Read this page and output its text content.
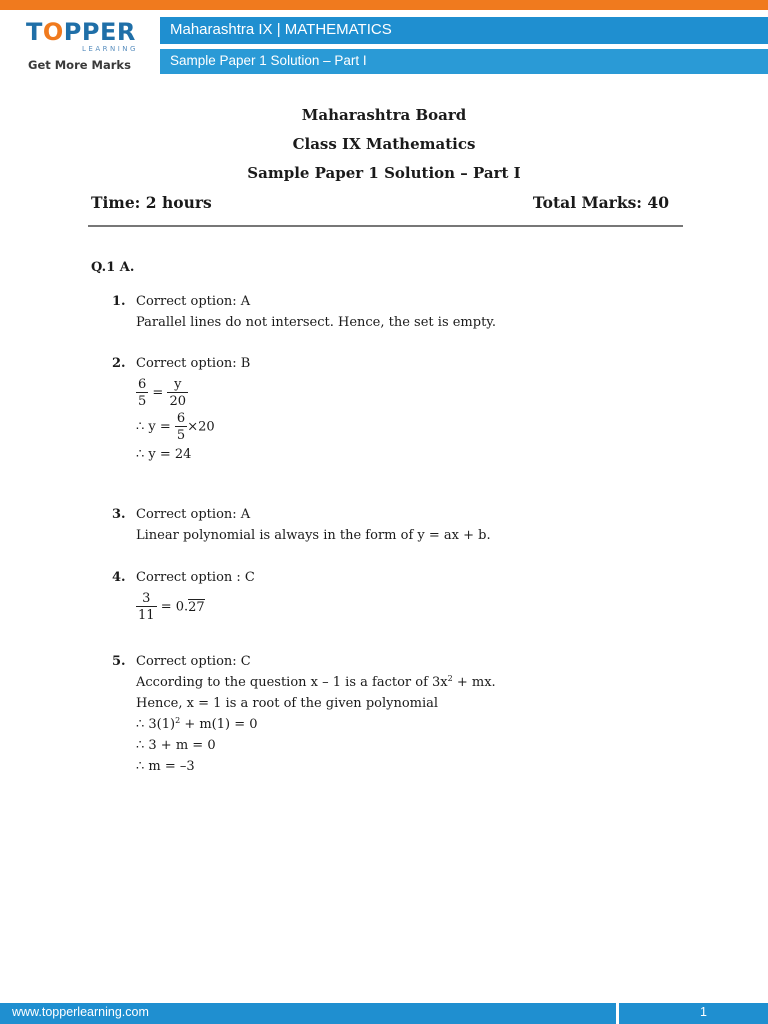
TOPPER
LEARNING
Get More Marks
Maharashtra IX | MATHEMATICS
Sample Paper 1 Solution – Part I
Maharashtra Board
Class IX Mathematics
Sample Paper 1 Solution – Part I
Time: 2 hours	Total Marks: 40
Q.1 A.
1. Correct option: A
Parallel lines do not intersect. Hence, the set is empty.
2. Correct option: B
$\frac{6}{5} = \frac{y}{20}$
∴ $y = \frac{6}{5} \times 20$
∴ y = 24
3. Correct option: A
Linear polynomial is always in the form of y = ax + b.
4. Correct option : C
$\frac{3}{11} = 0.27$
5. Correct option: C
According to the question x – 1 is a factor of $3x^2$ + mx.
Hence, x = 1 is a root of the given polynomial
∴ $3(1)^2 + m(1) = 0$
∴ 3 + m = 0
∴ m = –3
www.topperlearning.com	1
